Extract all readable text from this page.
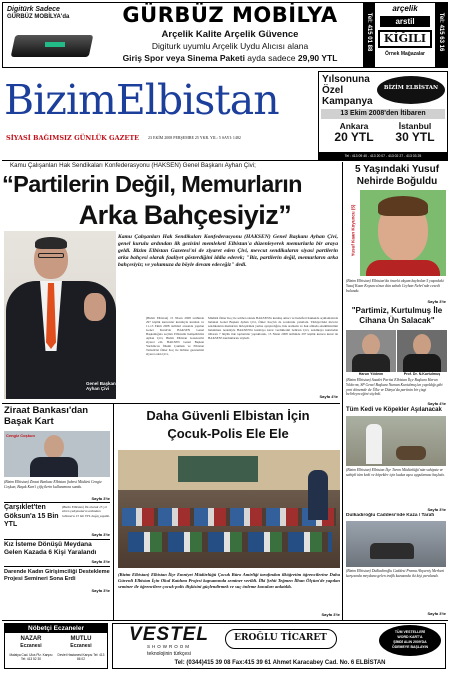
Digitürk Sadece
GÜRBÜZ MOBİLYA'da	GÜRBÜZ MOBİLYA
Arçelik Kalite Arçelik Güvence
Digiturk uyumlu Arçelik Uydu Alıcısı alana
Giriş Spor veya Sinema Paketi ayda sadece 29,90 YTL
Tel: 415 01 88
arçelik
arstil
KİĞILI
Örnek Mağazalar
Tel: 415 63 16
BizimElbistan
SİYASİ BAĞIMSIZ GÜNLÜK GAZETE 23 EKİM 2008 PERŞEMBE 25 YKR. YIL: 5 SAYI: 1482
Yılsonuna
Özel
Kampanya
BİZİM ELBİSTAN
13 Ekim 2008'den İtibaren
Ankara
20 YTL
İstanbul
30 YTL
Tel : 413 09 40 - 413 20 07 - 413 02 27 - 413 03 25
Kamu Çalışanları Hak Sendikaları Konfederasyonu (HAKSEN) Genel Başkanı Ayhan Çivi;
“Partilerin Değil, Memurların
Arka Bahçesiyiz”
Genel Başkan
Ayhan Çivi
Kamu Çalışanları Hak Sendikaları Konfederasyonu (HAKSEN) Genel Başkanı Ayhan Çivi, genel kurulu ardından ilk gezisini memleketi Elbistan'a düzenleyerek memurlarla bir araya geldi. Bizim Elbistan Gazetesi'ni de ziyaret eden Çivi, mevcut sendikaların siyasi partilerin arka bahçesi olarak faaliyet gösterdiğini iddia ederek; "Biz, partilerin değil, memurların arka bahçesiyiz; ve yolumuza da böyle devam edeceğiz" dedi.
(Bizim Elbistan) 15 Nisan 2008 tarihinde 297 kişilik kurucular kuruluyla kurulan ve 11-13 Ekim 2008 tarihleri arasında yapılan Genel Kurul'da HAKSEN Genel Başkanlığına seçilen Elbistanlı hemşehrimiz Ayhan Çivi, Bizim Elbistan Gazetesi'ni ziyaret etti. HAKSEN Genel Başkan Yardımcısı İlhami Çakmak ve Elbistan Temsilcisi Ömer Koç ile birlikte gazetemizi ziyaret eden Çivi,
Müdürü Ömer Koç ile sohbet ederek HAKSEN'in kuruluş amacı ve hedefleri hakkında açıklamalarda bulunan Genel Başkan Ayhan Çivi, Ömer Koç'un da sorularını yanıtladı. Türkiye'deki mevcut sendikaların memurları birleştirmek yerine ayrıştırdığını, hak aramada ve hak almada eksikliklerinin bulunması nedeniyle HAKSEN'in kurmaya karar verdiklerini belirten Çivi, sendikaya kuruladan itibaren 7 büyük ilde toplantılar yaptıklarını, 15 Nisan 2008 tarihinde 297 kişilik kurucu kurul ile HAKSEN'i kurduklarını söyledi.
Sayfa 4'te
5 Yaşındaki Yusuf Nehirde Boğuldu
Yusuf Kaan Koyuncu (5)
(Bizim Elbistan) Elbistan'da önceki akşam kaybolan 5 yaşındaki Yusuf Kaan Koyuncu'nun dün sabah Ceyhan Nehri'nde cesedi bulundu.
Sayfa 3'te
"Partimiz, Kurtulmuş İle Cihana Ün Salacak"
Harun Yıldırım	Prof. Dr. N.Kurtulmuş
(Bizim Elbistan) Saadet Partisi Elbistan İlçe Başkanı Harun Yıldırım, SP Genel Başkanı Numan Kurtulmuş'un yapıldığı gibi yeni dönemde de Ülke ve Dünya'da partinin bir çizgi belirleyeceğini söyledi.
Sayfa 4'te
Tüm Kedi ve Köpekler Aşılanacak
(Bizim Elbistan) Elbistan İlçe Tarım Müdürlüğü'nün sahipsiz ve sahipli tüm kedi ve köpekler için kuduz aşısı uygulaması başlattı.
Sayfa 3'te
Dulkadiroğlu Caddesi'nde Kaza / Tarafı
(Bizim Elbistan) Dulkadiroğlu Caddesi Prama Alışveriş Merkezi karşısında meydana gelen trafik kazasında iki kişi yaralandı.
Sayfa 3'te
Ziraat Bankası'dan Başak Kart
Cengiz Coşkun
(Bizim Elbistan) Ziraat Bankası Elbistan Şubesi Müdürü Cengiz Coşkun, Başak Kart'ı çiftçilerin kullanımına sundu.
Sayfa 3'te
Çarşıklet'ten Göksun'a 15 Bin YTL
(Bizim Elbistan) İlk olarak 15 yıl süren çalışmaların ardından Göksun'a 15 bin YTL bağış yapıldı.
Sayfa 3'te
Kız İsteme Dönüşü Meydana Gelen Kazada 6 Kişi Yaralandı
Sayfa 3'te
Darende Kadın Girişimciliği Destekleme Projesi Semineri Sona Erdi
Sayfa 3'te
Daha Güvenli Elbistan İçin
Çocuk-Polis Ele Ele
(Bizim Elbistan) Elbistan İlçe Emniyet Müdürlüğü Çocuk Büro Amirliği tarafından ilköğretim öğrencilerine Daha Güvenli Elbistan İçin Okul Katılımı Projesi kapsamında seminer verildi. İlki Şehit Teğmen İlhan Ölçüm'de yapılan seminer ile öğrencilere çocuk-polis ilişkisini güçlendirmek ve suç önleme konuları anlatıldı.
Sayfa 3'te
Nöbetçi Eczaneler
NAZAR
Eczanesi
Malatya Cad. Ulus Plz. Karşısı Tel: 413 52 30
MUTLU
Eczanesi
Devlet Hastanesi Karşısı Tel: 413 86 02
VESTEL
SHOWROOM
teknolojinin türkçesi
EROĞLU TİCARET
TÜM VESTELLERİ
WORD KART'A
ŞİMDİ ALIN 2009'DA
ÖDEMEYE BAŞLAYIN
Tel: (0344)415 39 08 Fax:415 39 61 Ahmet Karacabey Cad. No. 6 ELBİSTAN
